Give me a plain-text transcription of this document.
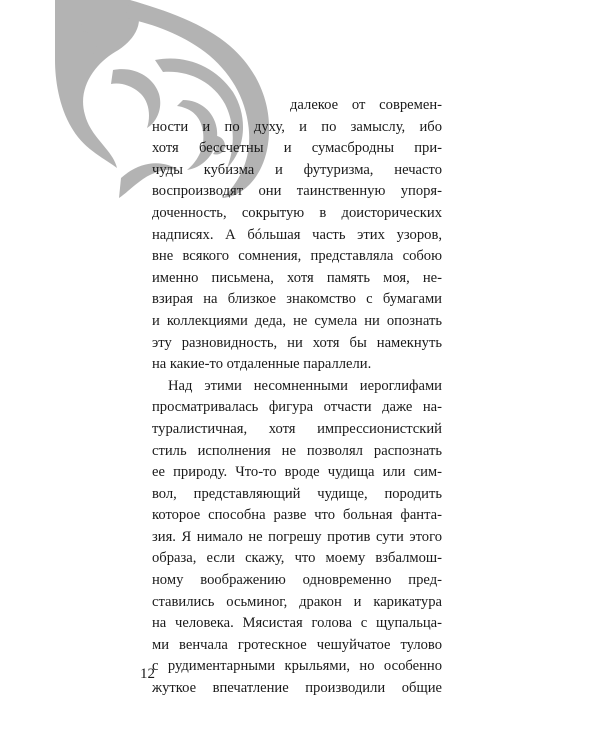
далекое от современ-
ности и по духу, и по замыслу, ибо
хотя бессчетны и сумасбродны при-
чуды кубизма и футуризма, нечасто
воспроизводят они таинственную упоря-
доченность, сокрытую в доисторических
надписях. А бóльшая часть этих узоров,
вне всякого сомнения, представляла собою
именно письмена, хотя память моя, не-
взирая на близкое знакомство с бумагами
и коллекциями деда, не сумела ни опознать
эту разновидность, ни хотя бы намекнуть
на какие-то отдаленные параллели.
Над этими несомненными иероглифами
просматривалась фигура отчасти даже на-
туралистичная, хотя импрессионистский
стиль исполнения не позволял распознать
ее природу. Что-то вроде чудища или сим-
вол, представляющий чудище, породить
которое способна разве что больная фанта-
зия. Я нимало не погрешу против сути этого
образа, если скажу, что моему взбалмош-
ному воображению одновременно пред-
ставились осьминог, дракон и карикатура
на человека. Мясистая голова с щупальца-
ми венчала гротескное чешуйчатое тулово
с рудиментарными крыльями, но особенно
жуткое впечатление производили общие
12
